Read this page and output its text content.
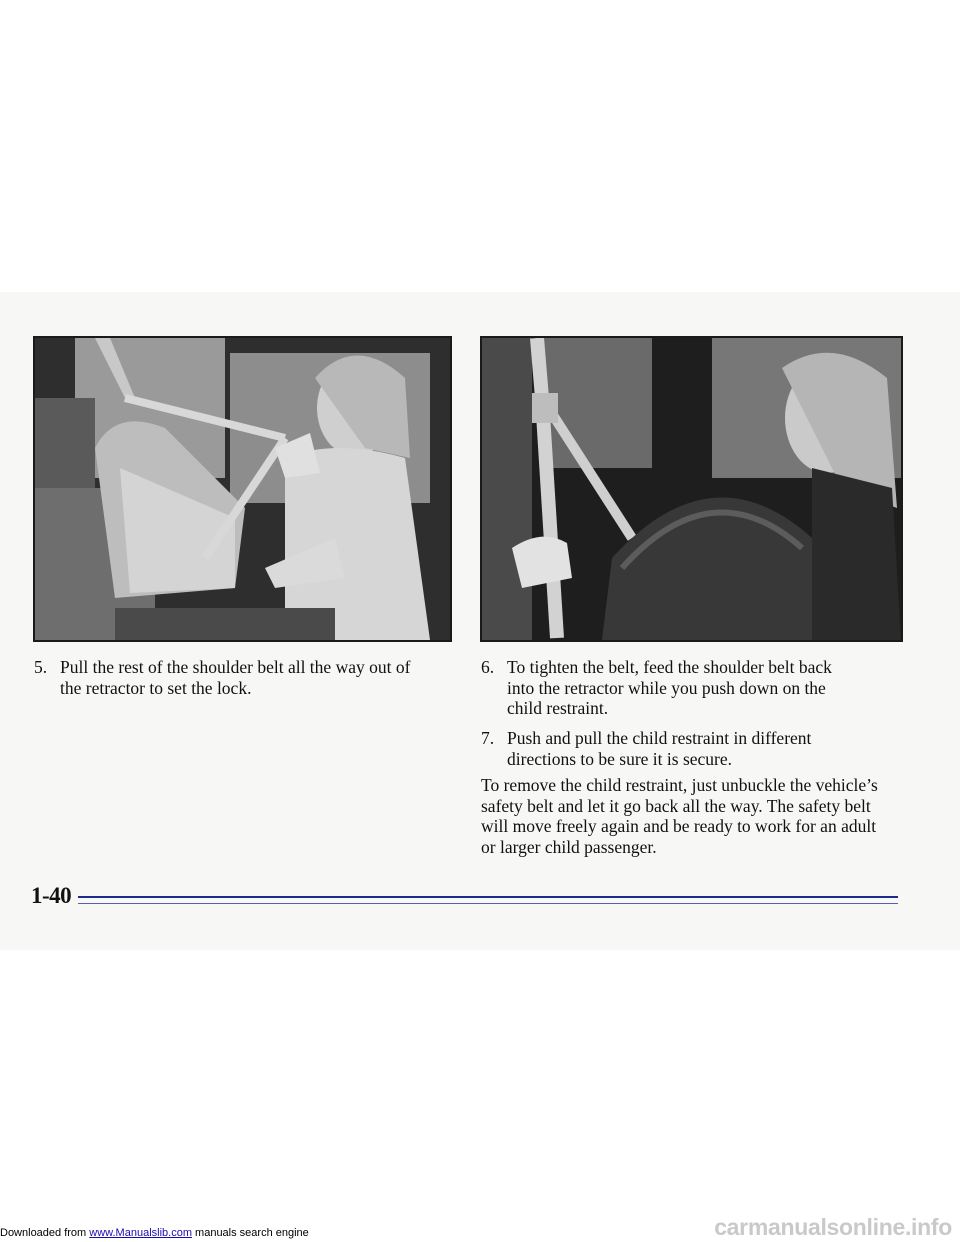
5. Pull the rest of the shoulder belt all the way out of
the retractor to set the lock.
6. To tighten the belt, feed the shoulder belt back
into the retractor while you push down on the
child restraint.
7. Push and pull the child restraint in different
directions to be sure it is secure.
To remove the child restraint, just unbuckle the vehicle’s
safety belt and let it go back all the way. The safety belt
will move freely again and be ready to work for an adult
or larger child passenger.
1-40
Downloaded from www.Manualslib.com manuals search engine	carmanualsonline.info
